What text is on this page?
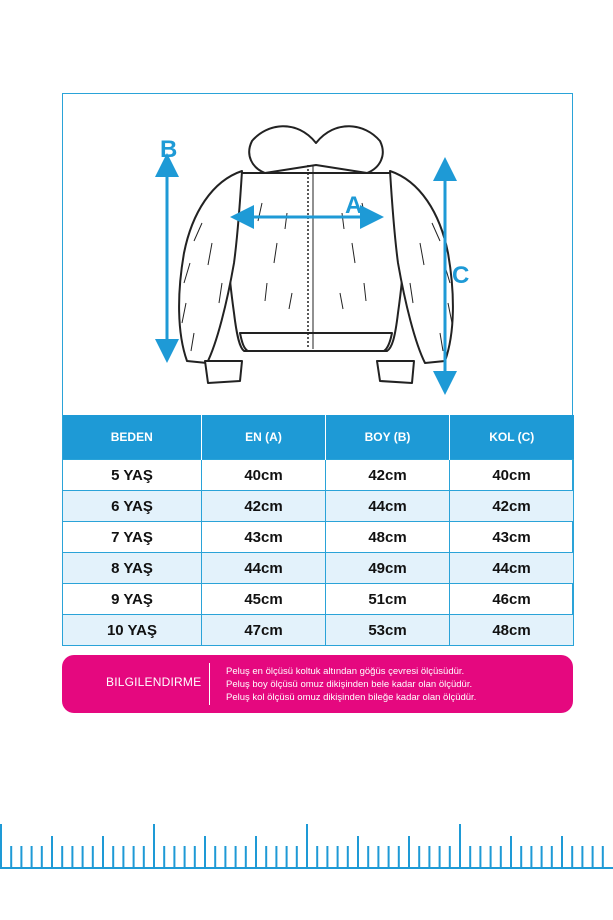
A
B
C
BEDEN	EN (A)	BOY (B)	KOL (C)
5 YAŞ	40cm	42cm	40cm
6 YAŞ	42cm	44cm	42cm
7 YAŞ	43cm	48cm	43cm
8 YAŞ	44cm	49cm	44cm
9 YAŞ	45cm	51cm	46cm
10 YAŞ	47cm	53cm	48cm
BILGILENDIRME
Peluş en ölçüsü koltuk altından göğüs çevresi ölçüsüdür.
Peluş boy ölçüsü omuz dikişinden bele kadar olan ölçüdür.
Peluş kol ölçüsü omuz dikişinden bileğe kadar olan ölçüdür.
